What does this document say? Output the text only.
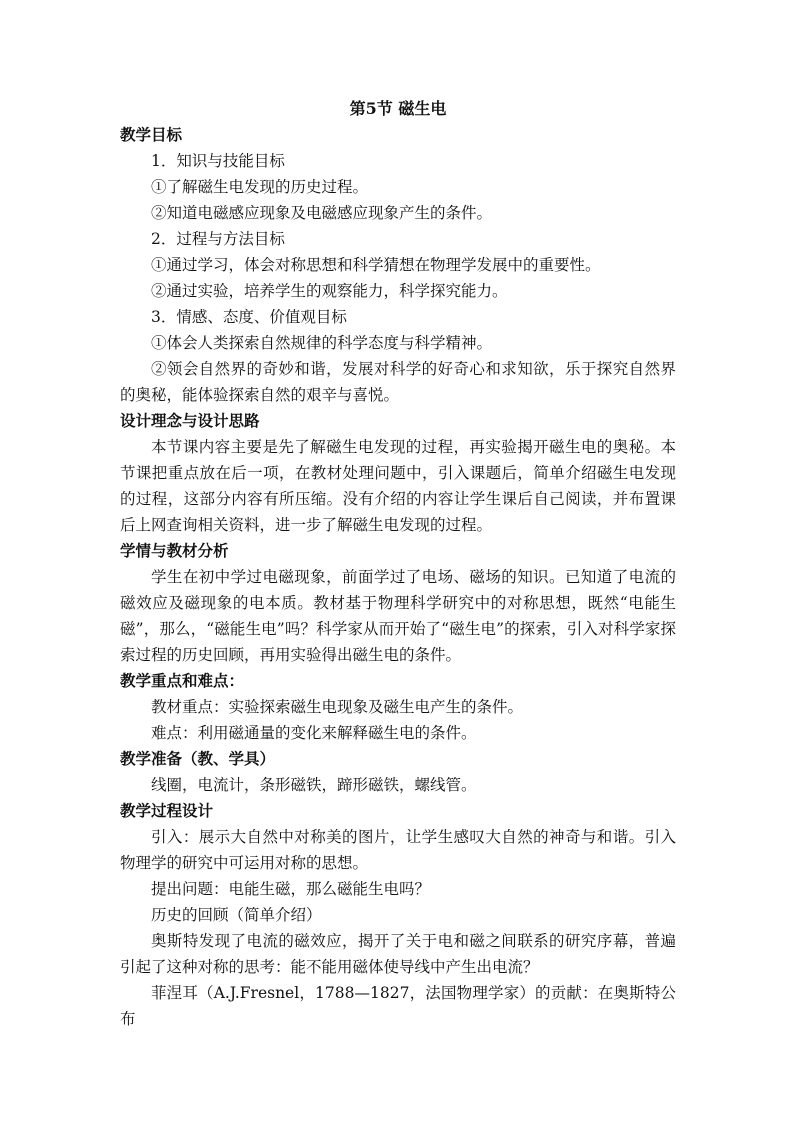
第5节 磁生电

教学目标

1．知识与技能目标

①了解磁生电发现的历史过程。

②知道电磁感应现象及电磁感应现象产生的条件。

2．过程与方法目标

①通过学习，体会对称思想和科学猜想在物理学发展中的重要性。

②通过实验，培养学生的观察能力，科学探究能力。

3．情感、态度、价值观目标

①体会人类探索自然规律的科学态度与科学精神。

②领会自然界的奇妙和谐，发展对科学的好奇心和求知欲，乐于探究自然界的奥秘，能体验探索自然的艰辛与喜悦。

设计理念与设计思路

本节课内容主要是先了解磁生电发现的过程，再实验揭开磁生电的奥秘。本节课把重点放在后一项，在教材处理问题中，引入课题后，简单介绍磁生电发现的过程，这部分内容有所压缩。没有介绍的内容让学生课后自己阅读，并布置课后上网查询相关资料，进一步了解磁生电发现的过程。

学情与教材分析

学生在初中学过电磁现象，前面学过了电场、磁场的知识。已知道了电流的磁效应及磁现象的电本质。教材基于物理科学研究中的对称思想，既然“电能生磁”，那么，“磁能生电”吗？科学家从而开始了“磁生电”的探索，引入对科学家探索过程的历史回顾，再用实验得出磁生电的条件。

教学重点和难点：

教材重点：实验探索磁生电现象及磁生电产生的条件。

难点：利用磁通量的变化来解释磁生电的条件。

教学准备（教、学具）

线圈，电流计，条形磁铁，蹄形磁铁，螺线管。

教学过程设计

引入：展示大自然中对称美的图片，让学生感叹大自然的神奇与和谐。引入物理学的研究中可运用对称的思想。

提出问题：电能生磁，那么磁能生电吗？

历史的回顾（简单介绍）

奥斯特发现了电流的磁效应，揭开了关于电和磁之间联系的研究序幕，普遍引起了这种对称的思考：能不能用磁体使导线中产生出电流？

菲涅耳（A.J.Fresnel，1788—1827，法国物理学家）的贡献：在奥斯特公布
